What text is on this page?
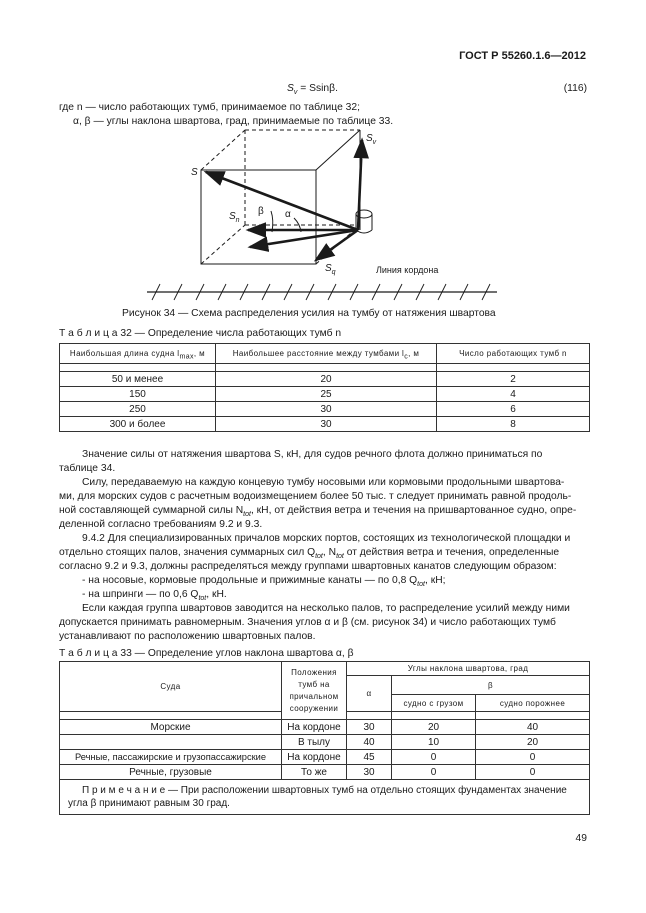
ГОСТ Р 55260.1.6—2012
$S_v = Ssin\beta$.	(116)
где n — число работающих тумб, принимаемое по таблице 32;
α, β — углы наклона швартова, град, принимаемые по таблице 33.
S
$S_v$
$S_n$
$S_q$
β α
Линия кордона
Рисунок 34 — Схема распределения усилия на тумбу от натяжения швартова
Т а б л и ц а 32 — Определение числа работающих тумб n
Наибольшая длина судна $l_{max}$, м	Наибольшее расстояние между тумбами $l_c$, м	Число работающих тумб n

50 и менее	20	2
150	25	4
250	30	6
300 и более	30	8
Значение силы от натяжения швартова S, кН, для судов речного флота должно приниматься по
таблице 34.
Силу, передаваемую на каждую концевую тумбу носовыми или кормовыми продольными швартова-
ми, для морских судов с расчетным водоизмещением более 50 тыс. т следует принимать равной продоль-
ной составляющей суммарной силы $N_{tot}$, кН, от действия ветра и течения на пришвартованное судно, опре-
деленной согласно требованиям 9.2 и 9.3.
9.4.2 Для специализированных причалов морских портов, состоящих из технологической площадки и
отдельно стоящих палов, значения суммарных сил $Q_{tot}$, $N_{tot}$ от действия ветра и течения, определенные
согласно 9.2 и 9.3, должны распределяться между группами швартовных канатов следующим образом:
- на носовые, кормовые продольные и прижимные канаты — по 0,8 $Q_{tot}$, кН;
- на шпринги — по 0,6 $Q_{tot}$, кН.
Если каждая группа швартовов заводится на несколько палов, то распределение усилий между ними
допускается принимать равномерным. Значения углов α и β (см. рисунок 34) и число работающих тумб
устанавливают по расположению швартовных палов.
Т а б л и ц а 33 — Определение углов наклона швартова α, β
Суда	Положения тумб на причальном сооружении	Углы наклона швартова, град		
		α	β	
			судно с грузом	судно порожнее

Морские	На кордоне	30	20	40
	В тылу	40	10	20
Речные, пассажирские и грузопассажирские	На кордоне	45	0	0
Речные, грузовые	То же	30	0	0
П р и м е ч а н и е — При расположении швартовных тумб на отдельно стоящих фундаментах значение угла β принимают равным 30 град.				
49
